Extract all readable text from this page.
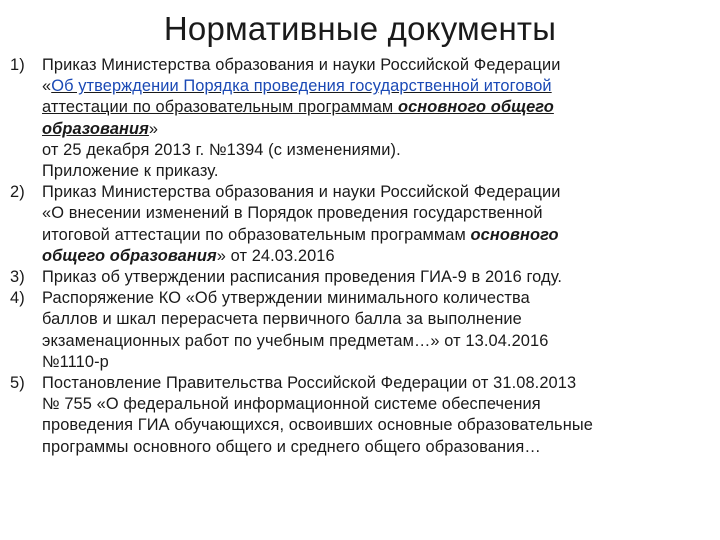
Нормативные документы
1) Приказ Министерства образования и науки Российской Федерации
«Об утверждении Порядка проведения государственной итоговой
аттестации по образовательным программам основного общего
образования»
от 25 декабря 2013 г. №1394 (с изменениями).
Приложение к приказу.
2) Приказ Министерства образования и науки Российской Федерации
«О внесении изменений в Порядок проведения государственной
итоговой аттестации по образовательным программам основного
общего образования» от 24.03.2016
3) Приказ об утверждении расписания проведения ГИА-9 в 2016 году.
4) Распоряжение КО «Об утверждении минимального количества
баллов и шкал перерасчета первичного балла за выполнение
экзаменационных работ по учебным предметам…» от 13.04.2016
№1110-р
5) Постановление Правительства Российской Федерации от 31.08.2013
№ 755 «О федеральной информационной системе обеспечения
проведения ГИА обучающихся, освоивших основные образовательные
программы основного общего и среднего общего образования…
